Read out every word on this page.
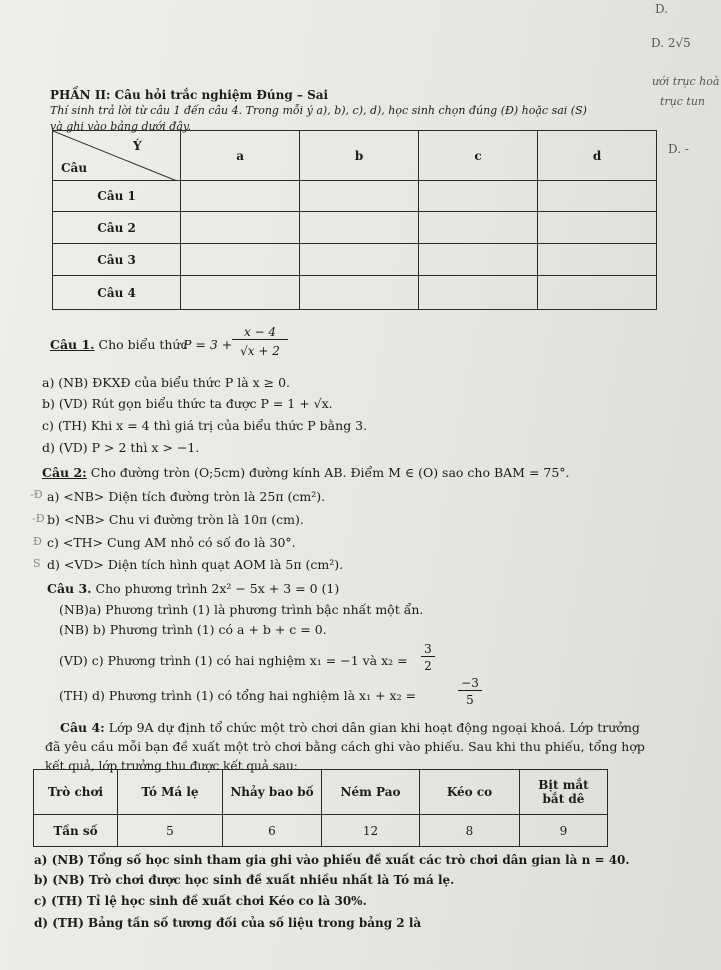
D.
D. 2√5
ưới trục hoà
trục tun
D. -
PHẦN II: Câu hỏi trắc nghiệm Đúng – Sai
Thí sinh trả lời từ câu 1 đến câu 4. Trong mỗi ý a), b), c), d), học sinh chọn đúng (Đ) hoặc sai (S)
và ghi vào bảng dưới đây.
Câu
Ý	a	b	c	d
Câu 1				
Câu 2				
Câu 3				
Câu 4				
Câu 1. Cho biểu thức
P = 3 +
x − 4
√x + 2
a) (NB) ĐKXĐ của biểu thức P là x ≥ 0.
b) (VD) Rút gọn biểu thức ta được P = 1 + √x.
c) (TH) Khi x = 4 thì giá trị của biểu thức P bằng 3.
d) (VD) P > 2 thì x > −1.
Câu 2: Cho đường tròn (O;5cm) đường kính AB. Điểm M ∈ (O) sao cho BAM = 75°.
-Ð
-Ð
Ð
S
a) <NB> Diện tích đường tròn là 25π (cm²).
b) <NB> Chu vi đường tròn là 10π (cm).
c) <TH> Cung AM nhỏ có số đo là 30°.
d) <VD> Diện tích hình quạt AOM là 5π (cm²).
Câu 3. Cho phương trình 2x² − 5x + 3 = 0 (1)
(NB)a) Phương trình (1) là phương trình bậc nhất một ẩn.
(NB) b) Phương trình (1) có a + b + c = 0.
(VD) c) Phương trình (1) có hai nghiệm x₁ = −1 và x₂ =
3
2
(TH) d) Phương trình (1) có tổng hai nghiệm là x₁ + x₂ =
−3
5
Câu 4: Lớp 9A dự định tổ chức một trò chơi dân gian khi hoạt động ngoại khoá. Lớp trưởng
đã yêu cầu mỗi bạn đề xuất một trò chơi bằng cách ghi vào phiếu. Sau khi thu phiếu, tổng hợp
kết quả, lớp trưởng thu được kết quả sau:
Trò chơi	Tó Má lẹ	Nhảy bao bố	Ném Pao	Kéo co	Bịt mắt bắt dê

Tần số	5	6	12	8	9
a) (NB) Tổng số học sinh tham gia ghi vào phiếu đề xuất các trò chơi dân gian là n = 40.
b) (NB) Trò chơi được học sinh đề xuất nhiều nhất là Tó má lẹ.
c) (TH) Tỉ lệ học sinh đề xuất chơi Kéo co là 30%.
d) (TH) Bảng tần số tương đối của số liệu trong bảng 2 là
